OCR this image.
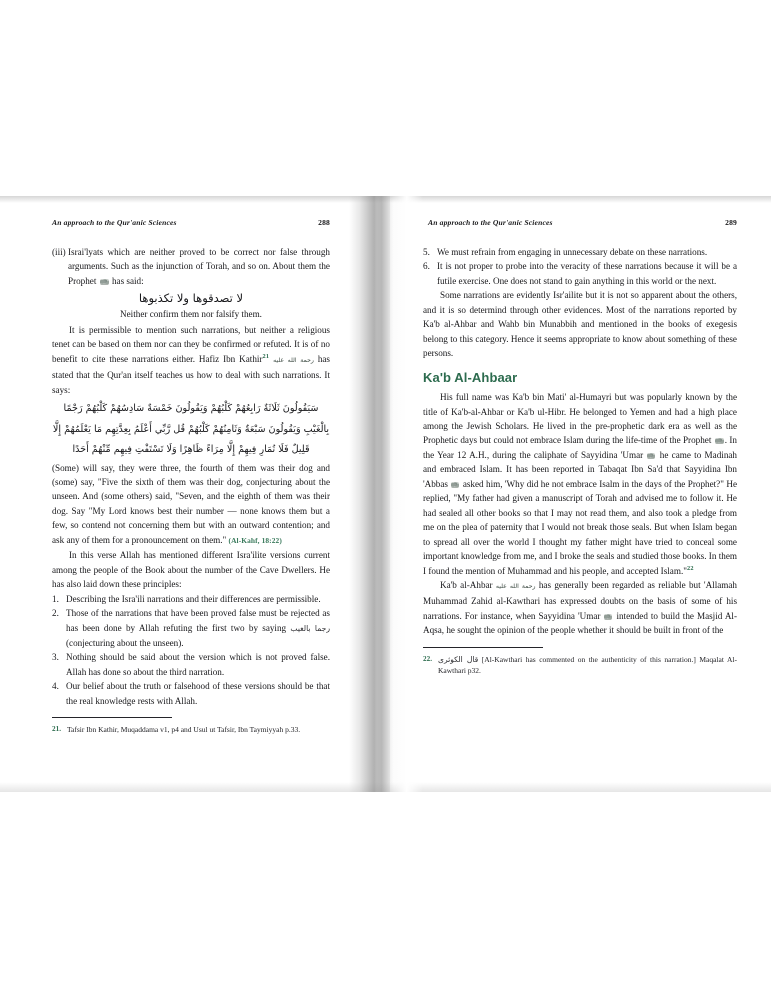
An approach to the Qur'anic Sciences	288
(iii) Israi'lyats which are neither proved to be correct nor false through arguments. Such as the injunction of Torah, and so on. About them the Prophet  has said:
لا تصدقوها ولا تكذبوها
Neither confirm them nor falsify them.

It is permissible to mention such narrations, but neither a religious tenet can be based on them nor can they be confirmed or refuted. It is of no benefit to cite these narrations either. Hafiz Ibn Kathir$^{21}$ رحمة الله عليه has stated that the Qur'an itself teaches us how to deal with such narrations. It says:

سَيَقُولُونَ ثَلَاثَةٌ رَابِعُهُمْ كَلْبُهُمْ وَيَقُولُونَ خَمْسَةٌ سَادِسُهُمْ كَلْبُهُمْ رَجْمًا
بِالْغَيْبِ وَيَقُولُونَ سَبْعَةٌ وَثَامِنُهُمْ كَلْبُهُمْ قُل رَّبِّي أَعْلَمُ بِعِدَّتِهِم مَا يَعْلَمُهُمْ إِلَّا
قَلِيلٌ فَلَا تُمَارِ فِيهِمْ إِلَّا مِرَاءً ظَاهِرًا وَلَا تَسْتَفْتِ فِيهِم مِّنْهُمْ أَحَدًا

(Some) will say, they were three, the fourth of them was their dog and (some) say, "Five the sixth of them was their dog, conjecturing about the unseen. And (some others) said, "Seven, and the eighth of them was their dog. Say "My Lord knows best their number — none knows them but a few, so contend not concerning them but with an outward contention; and ask any of them for a pronouncement on them." (Al-Kahf, 18:22)

In this verse Allah has mentioned different Isra'ilite versions current among the people of the Book about the number of the Cave Dwellers. He has also laid down these principles:

1. Describing the Isra'ili narrations and their differences are permissible.
2. Those of the narrations that have been proved false must be rejected as has been done by Allah refuting the first two by saying رجما بالغيب (conjecturing about the unseen).
3. Nothing should be said about the version which is not proved false. Allah has done so about the third narration.
4. Our belief about the truth or falsehood of these versions should be that the real knowledge rests with Allah.
21. Tafsir Ibn Kathir, Muqaddama v1, p4 and Usul ut Tafsir, Ibn Taymiyyah p.33.
An approach to the Qur'anic Sciences	289
5. We must refrain from engaging in unnecessary debate on these narrations.
6. It is not proper to probe into the veracity of these narrations because it will be a futile exercise. One does not stand to gain anything in this world or the next.

Some narrations are evidently Isr'ailite but it is not so apparent about the others, and it is so determind through other evidences. Most of the narrations reported by Ka'b al-Ahbar and Wahb bin Munabbih and mentioned in the books of exegesis belong to this category. Hence it seems appropriate to know about something of these persons.

Ka'b Al-Ahbaar

His full name was Ka'b bin Mati' al-Humayri but was popularly known by the title of Ka'b-al-Ahbar or Ka'b ul-Hibr. He belonged to Yemen and had a high place among the Jewish Scholars. He lived in the pre-prophetic dark era as well as the Prophetic days but could not embrace Islam during the life-time of the Prophet . In the Year 12 A.H., during the caliphate of Sayyidina 'Umar  he came to Madinah and embraced Islam. It has been reported in Tabaqat Ibn Sa'd that Sayyidina Ibn 'Abbas  asked him, 'Why did he not embrace Isalm in the days of the Prophet?" He replied, "My father had given a manuscript of Torah and advised me to follow it. He had sealed all other books so that I may not read them, and also took a pledge from me on the plea of paternity that I would not break those seals. But when Islam began to spread all over the world I thought my father might have tried to conceal some important knowledge from me, and I broke the seals and studied those books. In them I found the mention of Muhammad and his people, and accepted Islam."$^{22}$

Ka'b al-Ahbar رحمة الله عليه has generally been regarded as reliable but 'Allamah Muhammad Zahid al-Kawthari has expressed doubts on the basis of some of his narrations. For instance, when Sayyidina 'Umar  intended to build the Masjid Al-Aqsa, he sought the opinion of the people whether it should be built in front of the

22. قال الكوثرى [Al-Kawthari has commented on the authenticity of this narration.] Maqalat Al-Kawthari p32.
